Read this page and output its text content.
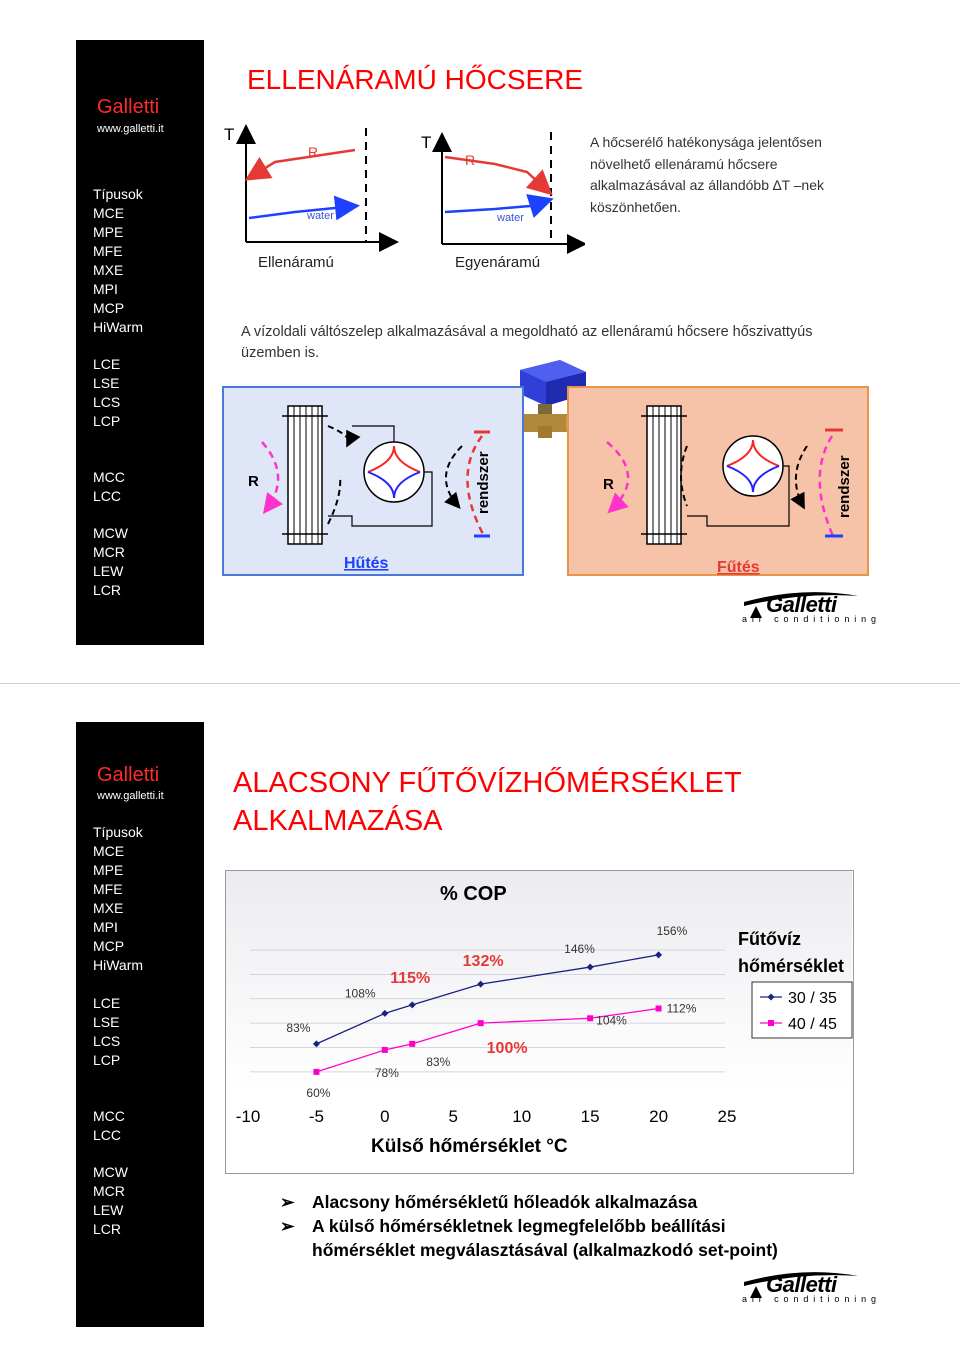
Galletti
www.galletti.it
Típusok
MCE
MPE
MFE
MXE
MPI
MCP
HiWarm
LCE
LSE
LCS
LCP
MCC
LCC
MCW
MCR
LEW
LCR
ELLENÁRAMÚ HŐCSERE
T
R
water
T
R
water
Ellenáramú	Egyenáramú
A hőcserélő hatékonysága jelentősen
növelhető ellenáramú hőcsere
alkalmazásával az állandóbb ∆T –nek
köszönhetően.
A vízoldali váltószelep alkalmazásával a megoldható az ellenáramú hőcsere hőszivattyús
üzemben is.
R	rendszer
Hűtés
R	rendszer
Fűtés
Galletti
a i r   c o n d i t i o n i n g
Galletti
www.galletti.it
Típusok
MCE
MPE
MFE
MXE
MPI
MCP
HiWarm
LCE
LSE
LCS
LCP
MCC
LCC
MCW
MCR
LEW
LCR
ALACSONY FŰTŐVÍZHŐMÉRSÉKLET
ALKALMAZÁSA
% COP
-10	-5	0	5	10	15	20	25
83%
108%
115%
132%
146%
156%
60%
78%
83%
100%
104%
112%
Külső hőmérséklet °C
Fűtővíz
hőmérséklet
30 / 35
40 / 45
➢ Alacsony hőmérsékletű hőleadók alkalmazása
➢ A külső hőmérsékletnek legmegfelelőbb beállítási
hőmérséklet megválasztásával (alkalmazkodó set-point)
Galletti
a i r   c o n d i t i o n i n g
